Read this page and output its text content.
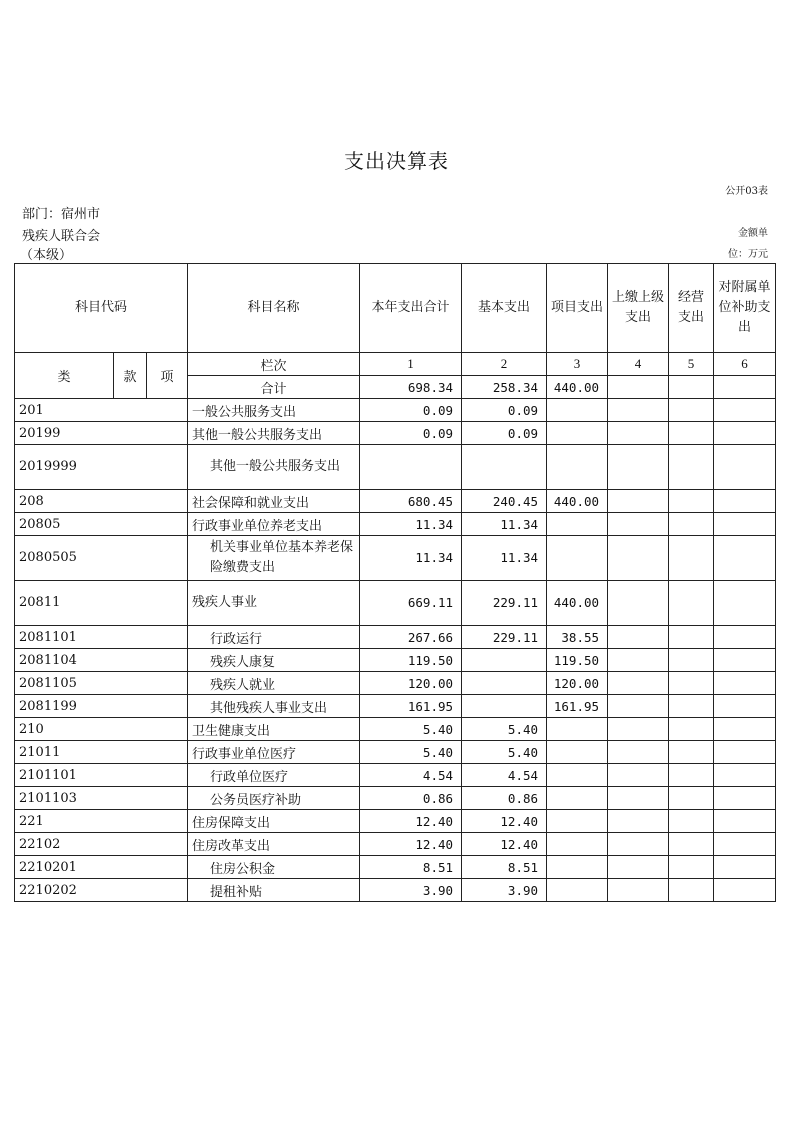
支出决算表
公开03表
部门：宿州市
残疾人联合会
（本级）
金额单
位：万元
科目代码			科目名称	本年支出合计	基本支出	项目支出	上缴上级支出	经营支出	对附属单位补助支出
类	款	项	栏次	1	2	3	4	5	6
			合计	698.34	258.34	440.00			
201			一般公共服务支出	0.09	0.09				
20199			其他一般公共服务支出	0.09	0.09				
2019999			其他一般公共服务支出						
208			社会保障和就业支出	680.45	240.45	440.00			
20805			行政事业单位养老支出	11.34	11.34				
2080505			机关事业单位基本养老保险缴费支出	11.34	11.34				
20811			残疾人事业	669.11	229.11	440.00			
2081101			行政运行	267.66	229.11	38.55			
2081104			残疾人康复	119.50		119.50			
2081105			残疾人就业	120.00		120.00			
2081199			其他残疾人事业支出	161.95		161.95			
210			卫生健康支出	5.40	5.40				
21011			行政事业单位医疗	5.40	5.40				
2101101			行政单位医疗	4.54	4.54				
2101103			公务员医疗补助	0.86	0.86				
221			住房保障支出	12.40	12.40				
22102			住房改革支出	12.40	12.40				
2210201			住房公积金	8.51	8.51				
2210202			提租补贴	3.90	3.90				
